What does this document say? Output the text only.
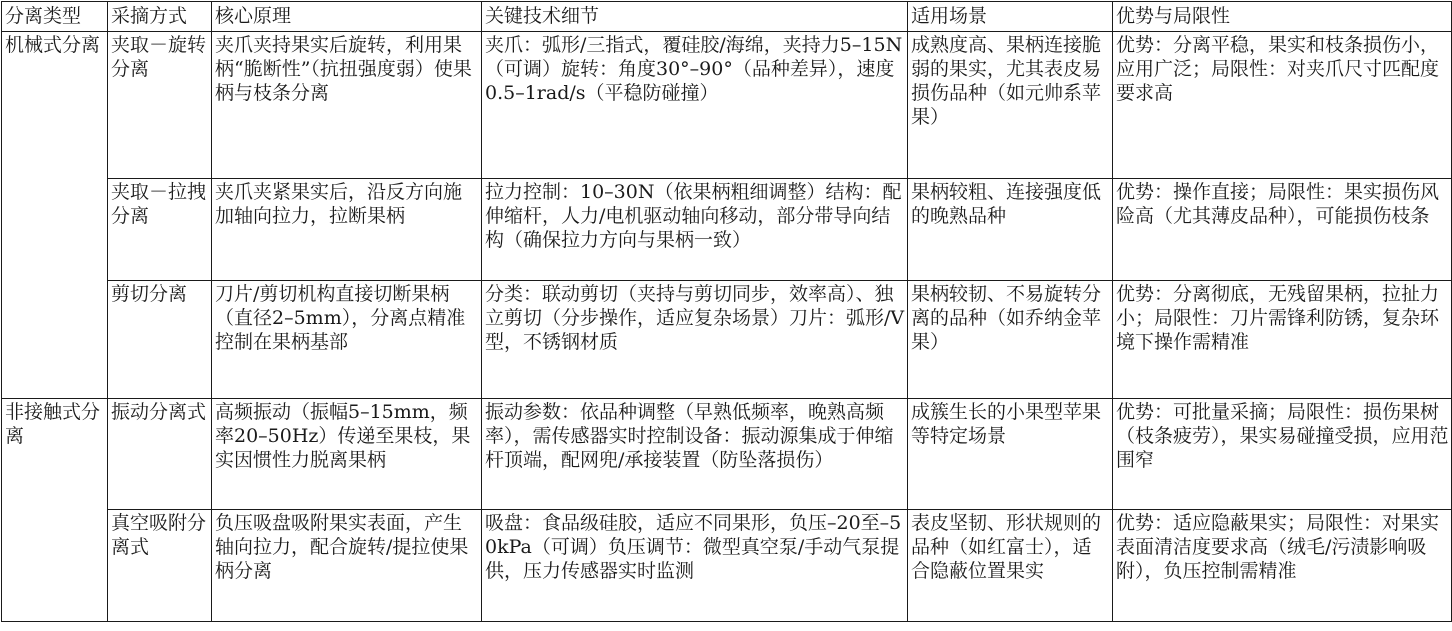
分离类型	采摘方式	核心原理	关键技术细节	适用场景	优势与局限性
机械式分离	夹取－旋转分离	夹爪夹持果实后旋转，利用果柄“脆断性”（抗扭强度弱）使果柄与枝条分离	夹爪：弧形/三指式，覆硅胶/海绵，夹持力5–15N（可调）旋转：角度30°–90°（品种差异），速度0.5–1rad/s（平稳防碰撞）	成熟度高、果柄连接脆弱的果实，尤其表皮易损伤品种（如元帅系苹果）	优势：分离平稳，果实和枝条损伤小，应用广泛；局限性：对夹爪尺寸匹配度要求高
	夹取－拉拽分离	夹爪夹紧果实后，沿反方向施加轴向拉力，拉断果柄	拉力控制：10–30N（依果柄粗细调整）结构：配伸缩杆，人力/电机驱动轴向移动，部分带导向结构（确保拉力方向与果柄一致）	果柄较粗、连接强度低的晚熟品种	优势：操作直接；局限性：果实损伤风险高（尤其薄皮品种），可能损伤枝条
	剪切分离	刀片/剪切机构直接切断果柄（直径2–5mm），分离点精准控制在果柄基部	分类：联动剪切（夹持与剪切同步，效率高）、独立剪切（分步操作，适应复杂场景）刀片：弧形/V型，不锈钢材质	果柄较韧、不易旋转分离的品种（如乔纳金苹果）	优势：分离彻底，无残留果柄，拉扯力小；局限性：刀片需锋利防锈，复杂环境下操作需精准
非接触式分离	振动分离式	高频振动（振幅5–15mm，频率20–50Hz）传递至果枝，果实因惯性力脱离果柄	振动参数：依品种调整（早熟低频率，晚熟高频率），需传感器实时控制设备：振动源集成于伸缩杆顶端，配网兜/承接装置（防坠落损伤）	成簇生长的小果型苹果等特定场景	优势：可批量采摘；局限性：损伤果树（枝条疲劳），果实易碰撞受损，应用范围窄
	真空吸附分离式	负压吸盘吸附果实表面，产生轴向拉力，配合旋转/提拉使果柄分离	吸盘：食品级硅胶，适应不同果形，负压–20至–50kPa（可调）负压调节：微型真空泵/手动气泵提供，压力传感器实时监测	表皮坚韧、形状规则的品种（如红富士），适合隐蔽位置果实	优势：适应隐蔽果实；局限性：对果实表面清洁度要求高（绒毛/污渍影响吸附），负压控制需精准
